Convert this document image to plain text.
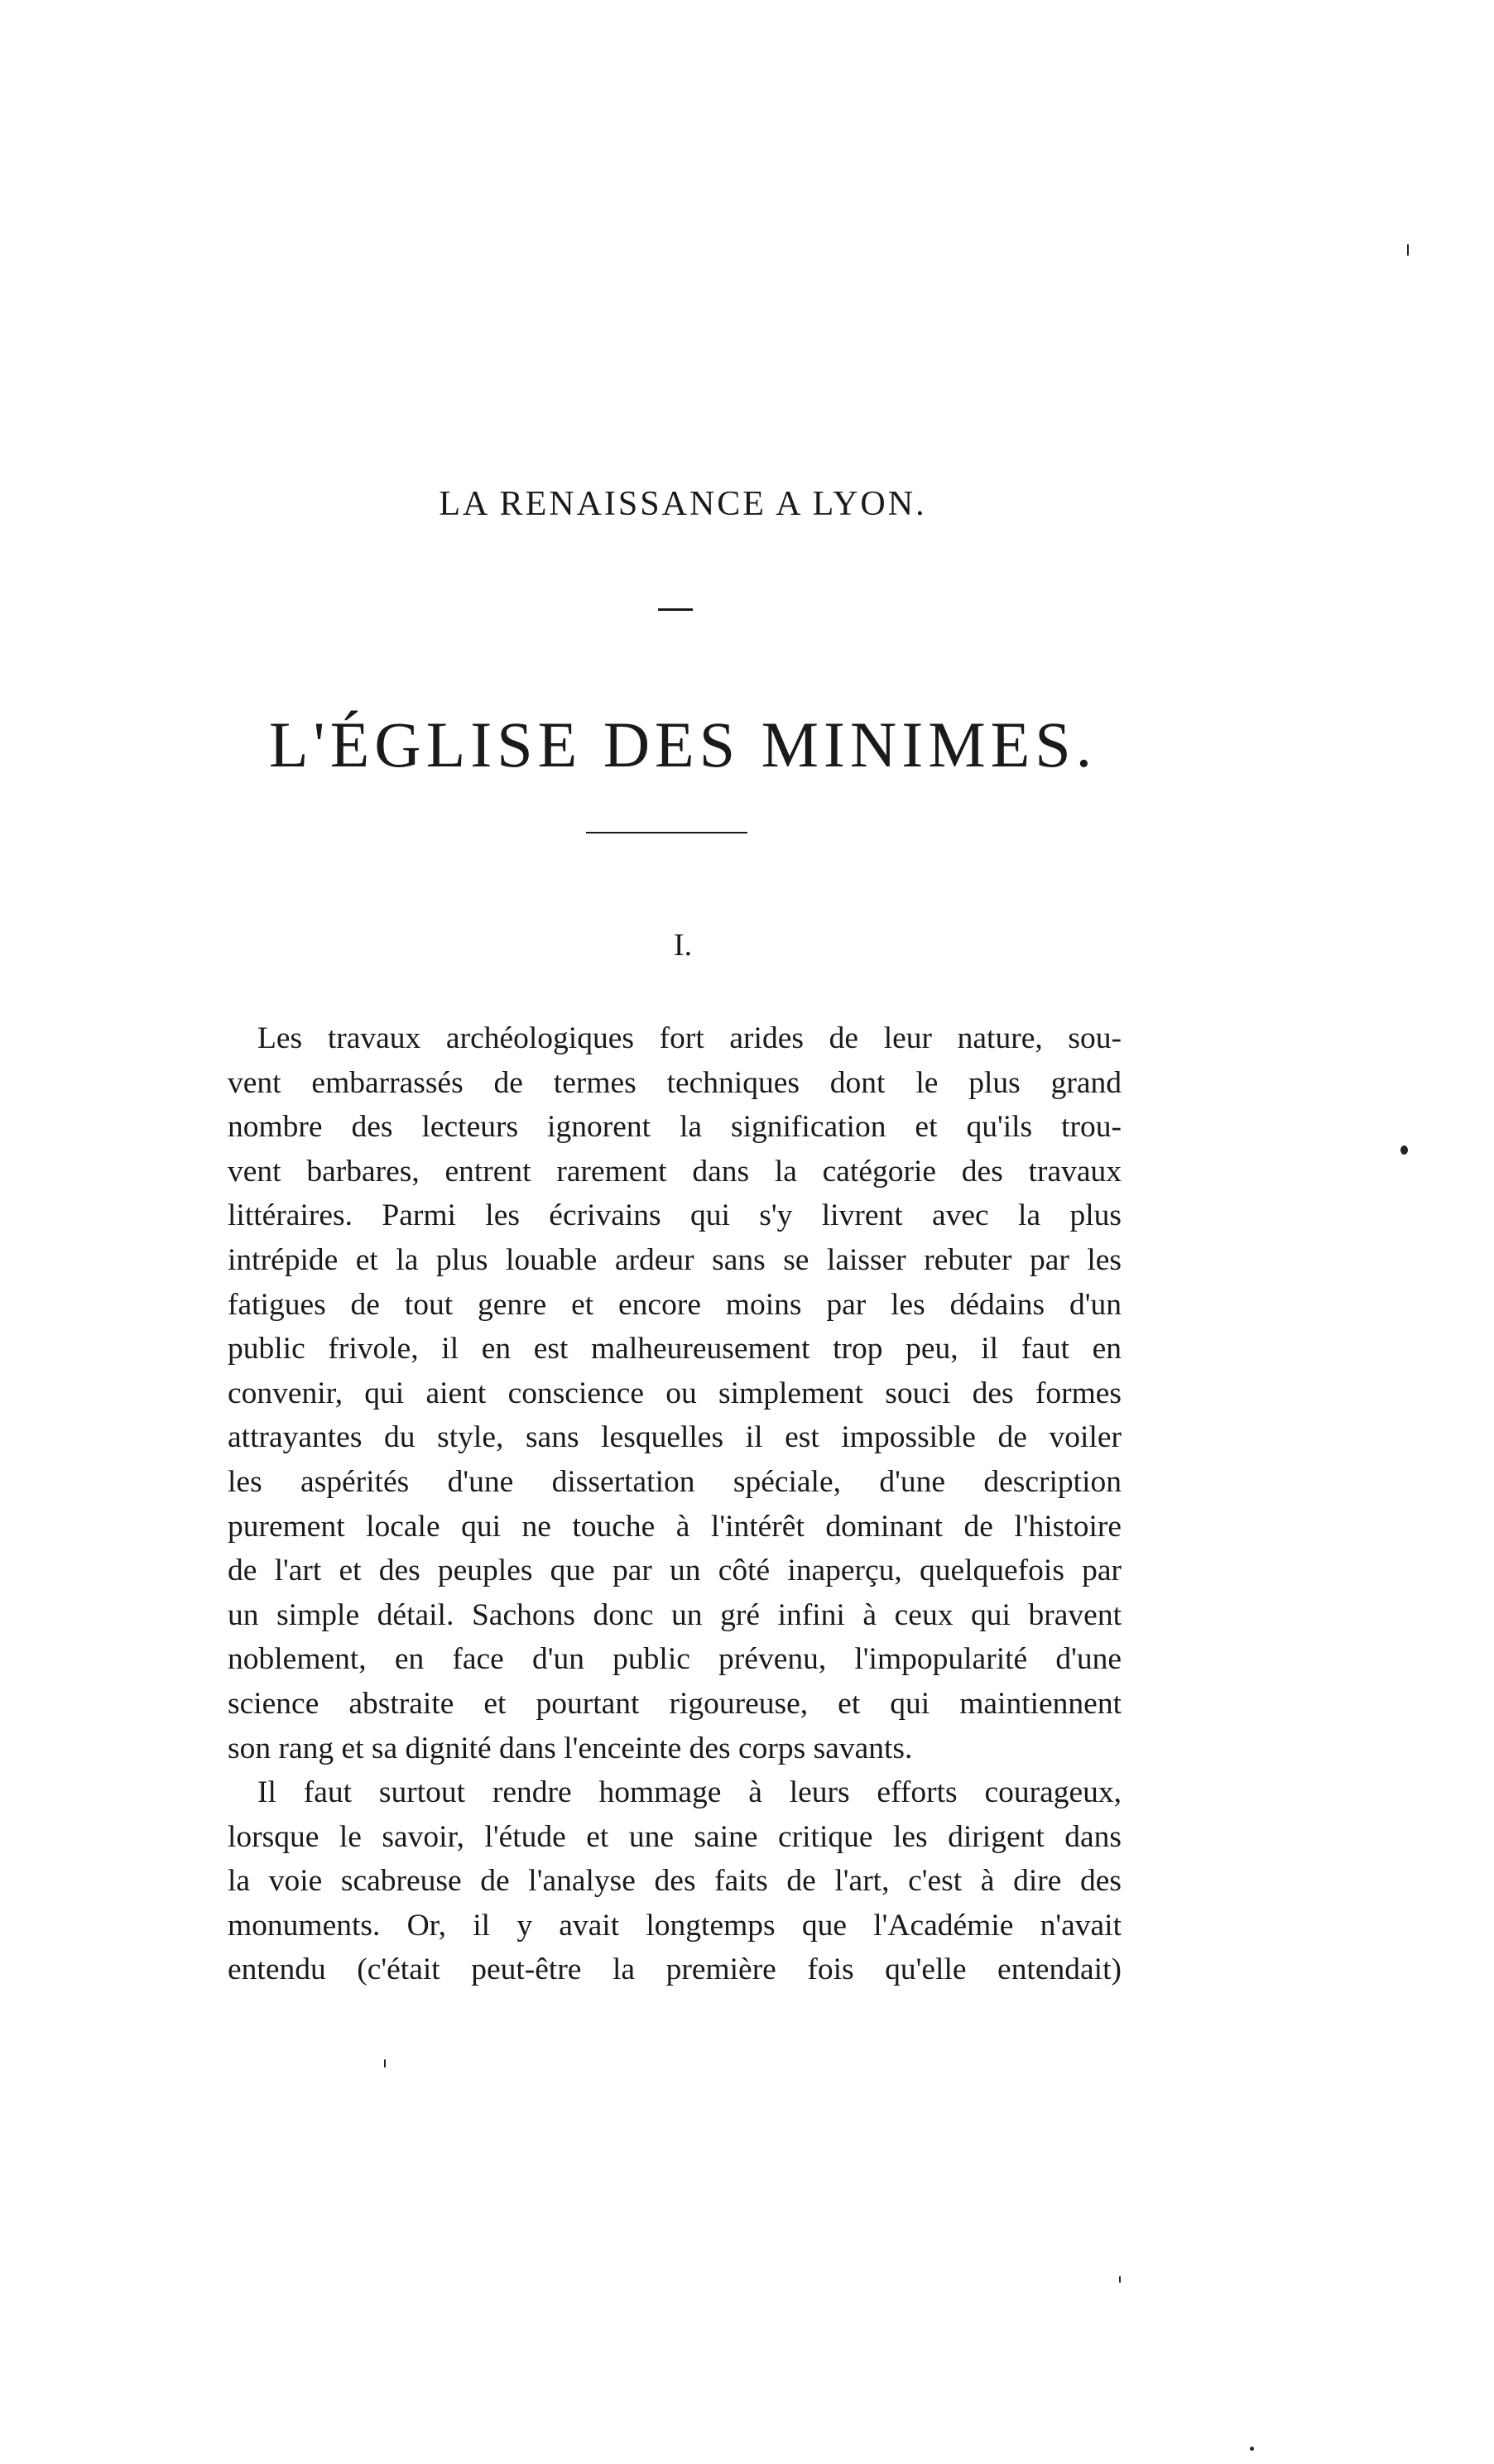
LA RENAISSANCE A LYON.
L'ÉGLISE DES MINIMES.
I.
Les travaux archéologiques fort arides de leur nature, sou-
vent embarrassés de termes techniques dont le plus grand
nombre des lecteurs ignorent la signification et qu'ils trou-
vent barbares, entrent rarement dans la catégorie des travaux
littéraires. Parmi les écrivains qui s'y livrent avec la plus
intrépide et la plus louable ardeur sans se laisser rebuter par les
fatigues de tout genre et encore moins par les dédains d'un
public frivole, il en est malheureusement trop peu, il faut en
convenir, qui aient conscience ou simplement souci des formes
attrayantes du style, sans lesquelles il est impossible de voiler
les aspérités d'une dissertation spéciale, d'une description
purement locale qui ne touche à l'intérêt dominant de l'histoire
de l'art et des peuples que par un côté inaperçu, quelquefois par
un simple détail. Sachons donc un gré infini à ceux qui bravent
noblement, en face d'un public prévenu, l'impopularité d'une
science abstraite et pourtant rigoureuse, et qui maintiennent
son rang et sa dignité dans l'enceinte des corps savants.
Il faut surtout rendre hommage à leurs efforts courageux,
lorsque le savoir, l'étude et une saine critique les dirigent dans
la voie scabreuse de l'analyse des faits de l'art, c'est à dire des
monuments. Or, il y avait longtemps que l'Académie n'avait
entendu (c'était peut-être la première fois qu'elle entendait)
